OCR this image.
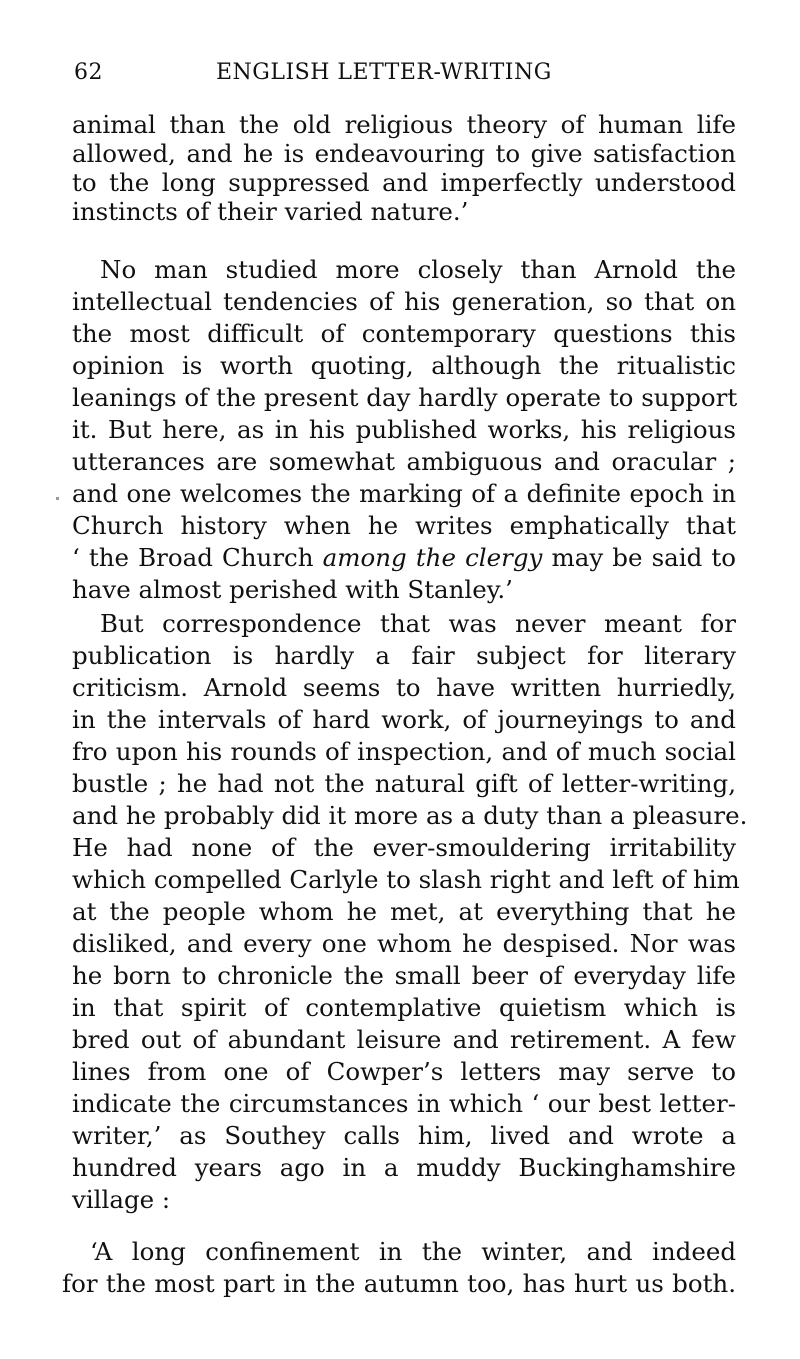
62	ENGLISH LETTER-WRITING
animal than the old religious theory of human life
allowed, and he is endeavouring to give satisfaction
to the long suppressed and imperfectly understood
instincts of their varied nature.’
No man studied more closely than Arnold the
intellectual tendencies of his generation, so that on
the most difficult of contemporary questions this
opinion is worth quoting, although the ritualistic
leanings of the present day hardly operate to support
it. But here, as in his published works, his religious
utterances are somewhat ambiguous and oracular ;
and one welcomes the marking of a definite epoch in
Church history when he writes emphatically that
‘ the Broad Church among the clergy may be said to
have almost perished with Stanley.’
But correspondence that was never meant for
publication is hardly a fair subject for literary
criticism. Arnold seems to have written hurriedly,
in the intervals of hard work, of journeyings to and
fro upon his rounds of inspection, and of much social
bustle ; he had not the natural gift of letter-writing,
and he probably did it more as a duty than a pleasure.
He had none of the ever-smouldering irritability
which compelled Carlyle to slash right and left of him
at the people whom he met, at everything that he
disliked, and every one whom he despised. Nor was
he born to chronicle the small beer of everyday life
in that spirit of contemplative quietism which is
bred out of abundant leisure and retirement. A few
lines from one of Cowper’s letters may serve to
indicate the circumstances in which ‘ our best letter-
writer,’ as Southey calls him, lived and wrote a
hundred years ago in a muddy Buckinghamshire
village :
‘A long confinement in the winter, and indeed
for the most part in the autumn too, has hurt us both.
